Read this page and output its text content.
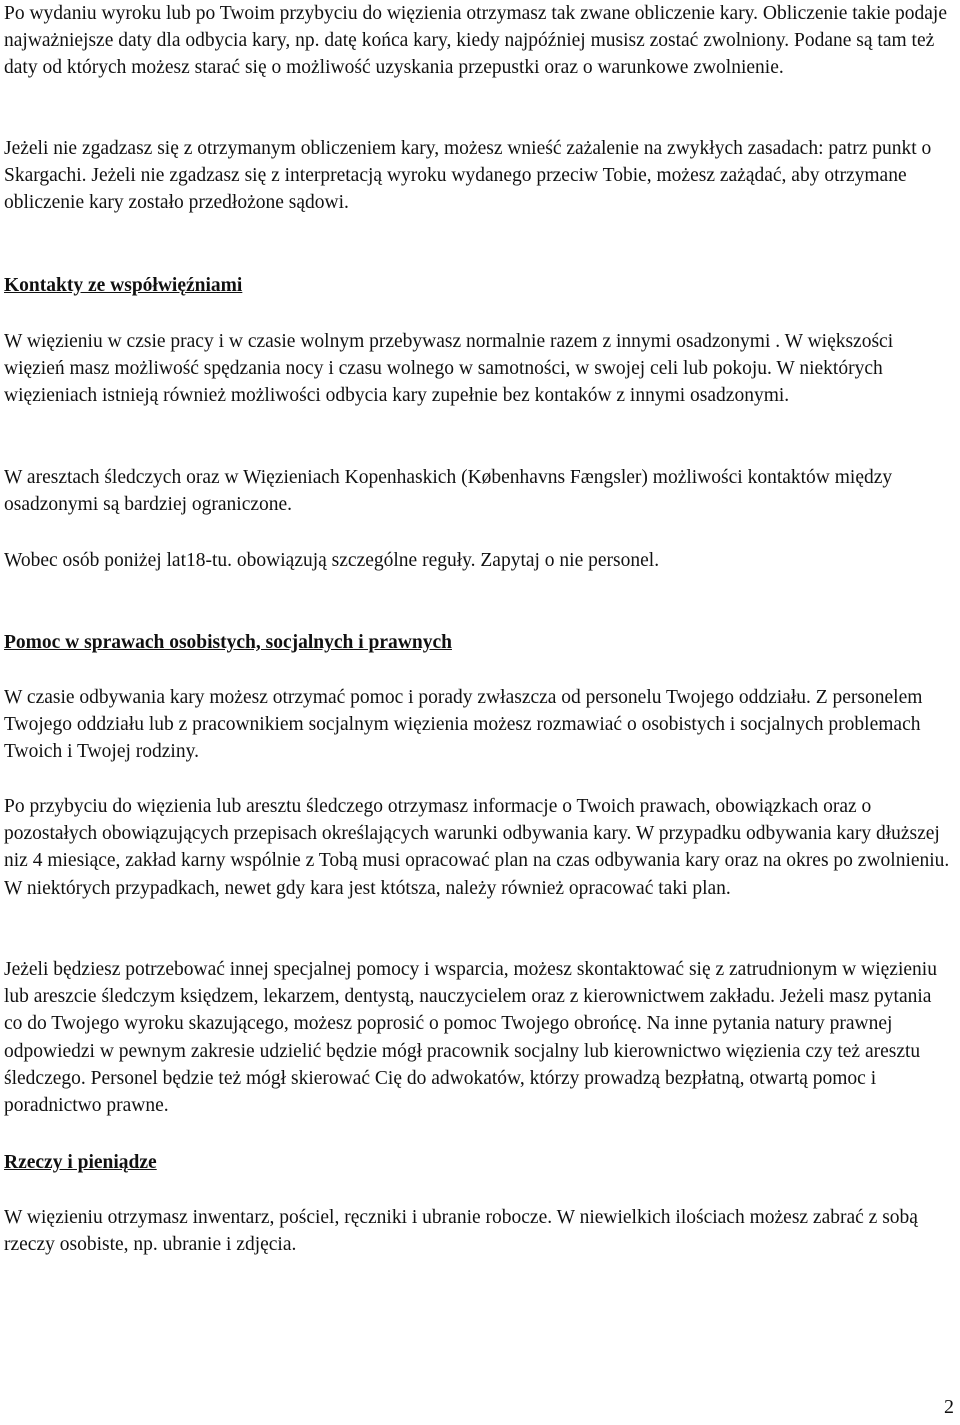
Po wydaniu wyroku lub po Twoim przybyciu do więzienia otrzymasz tak zwane obliczenie kary. Obliczenie takie podaje najważniejsze daty dla odbycia kary, np. datę końca kary, kiedy najpóźniej musisz zostać zwolniony. Podane są tam też daty od których możesz starać się o możliwość uzyskania przepustki oraz o warunkowe zwolnienie.

Jeżeli nie zgadzasz się z otrzymanym obliczeniem kary, możesz wnieść zażalenie na zwykłych zasadach: patrz punkt o Skargachi. Jeżeli nie zgadzasz się z interpretacją wyroku wydanego przeciw Tobie, możesz zażądać, aby otrzymane obliczenie kary zostało przedłożone sądowi.

Kontakty ze współwięźniami

W więzieniu w czsie pracy i w czasie wolnym przebywasz normalnie razem z innymi osadzonymi . W większości więzień masz możliwość spędzania nocy i czasu wolnego w samotności, w swojej celi lub pokoju. W niektórych więzieniach istnieją również możliwości odbycia kary zupełnie bez kontaków z innymi osadzonymi.

W aresztach śledczych oraz w Więzieniach Kopenhaskich (Københavns Fængsler) możliwości kontaktów między osadzonymi są bardziej ograniczone.

Wobec osób poniżej lat18-tu. obowiązują szczególne reguły. Zapytaj o nie personel.

Pomoc w sprawach osobistych, socjalnych i prawnych

W czasie odbywania kary możesz otrzymać pomoc i porady zwłaszcza od personelu Twojego oddziału. Z personelem Twojego oddziału lub z pracownikiem socjalnym więzienia możesz rozmawiać o osobistych i socjalnych problemach Twoich i Twojej rodziny.

Po przybyciu do więzienia lub aresztu śledczego otrzymasz informacje o Twoich prawach, obowiązkach oraz o pozostałych obowiązujących przepisach określających warunki odbywania kary. W przypadku odbywania kary dłuższej niz 4 miesiące, zakład karny wspólnie z Tobą musi opracować plan na czas odbywania kary oraz na okres po zwolnieniu. W niektórych przypadkach, newet gdy kara jest któtsza, należy również opracować taki plan.

Jeżeli będziesz potrzebować innej specjalnej pomocy i wsparcia, możesz skontaktować się z zatrudnionym w więzieniu lub areszcie śledczym księdzem, lekarzem, dentystą, nauczycielem oraz z kierownictwem zakładu. Jeżeli masz pytania co do Twojego wyroku skazującego, możesz poprosić o pomoc Twojego obrońcę. Na inne pytania natury prawnej odpowiedzi w pewnym zakresie udzielić będzie mógł pracownik socjalny lub kierownictwo więzienia czy też aresztu śledczego. Personel będzie też mógł skierować Cię do adwokatów, którzy prowadzą bezpłatną, otwartą pomoc i poradnictwo prawne.

Rzeczy i pieniądze

W więzieniu otrzymasz inwentarz, pościel, ręczniki i ubranie robocze. W niewielkich ilościach możesz zabrać z sobą rzeczy osobiste, np. ubranie i zdjęcia.

2
